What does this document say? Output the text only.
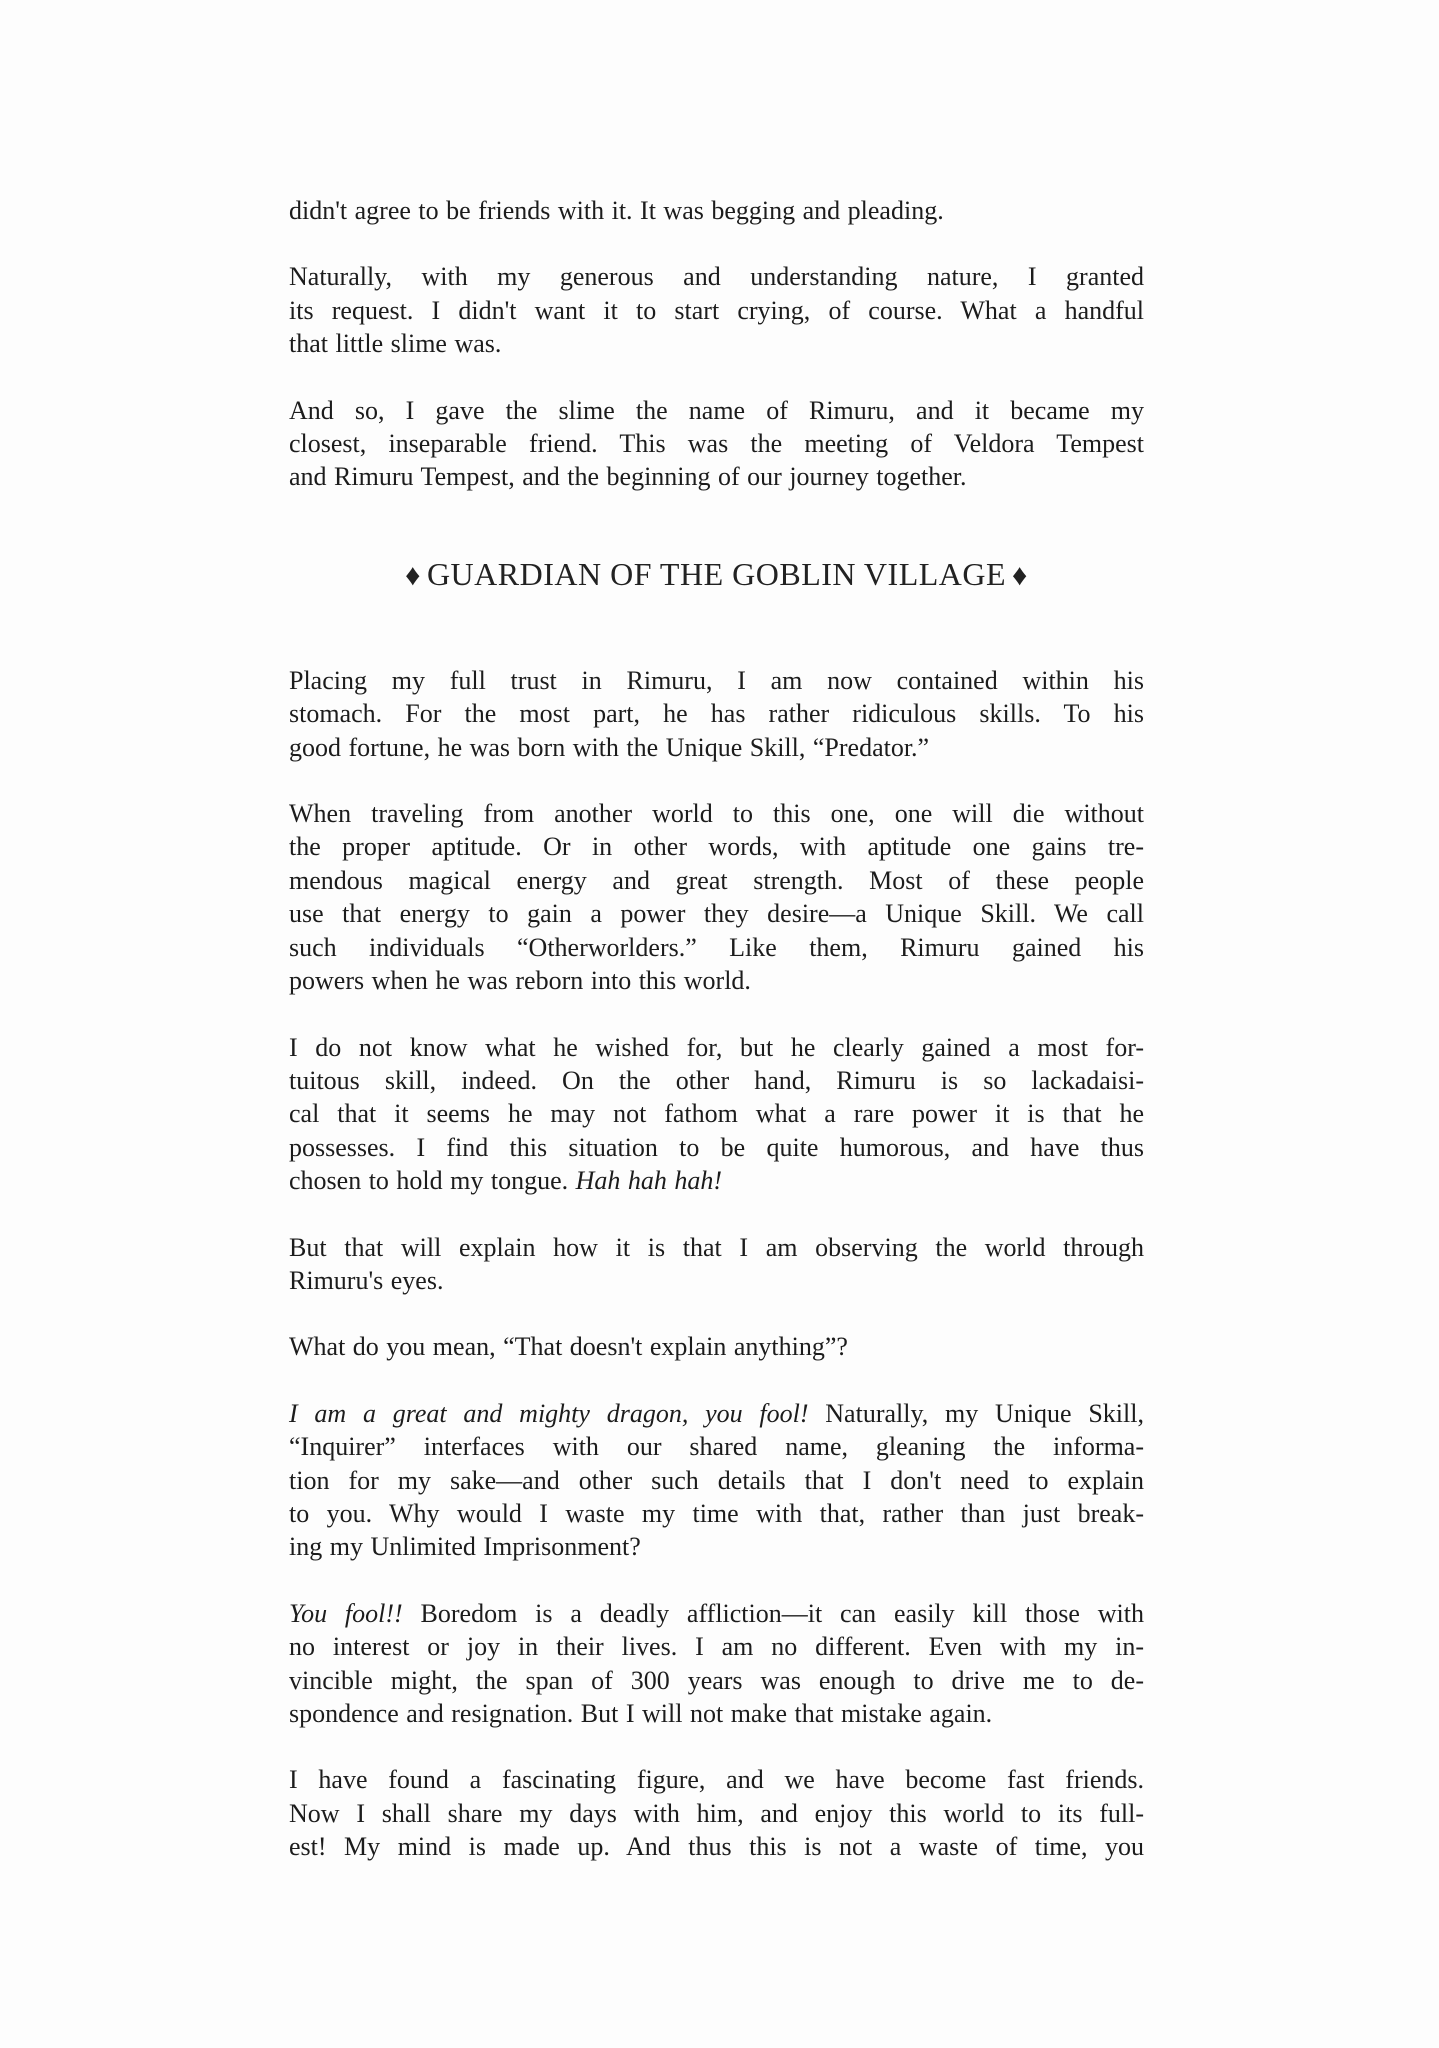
didn't agree to be friends with it. It was begging and pleading.
Naturally, with my generous and understanding nature, I granted
its request. I didn't want it to start crying, of course. What a handful
that little slime was.
And so, I gave the slime the name of Rimuru, and it became my
closest, inseparable friend. This was the meeting of Veldora Tempest
and Rimuru Tempest, and the beginning of our journey together.
♦ GUARDIAN OF THE GOBLIN VILLAGE ♦
Placing my full trust in Rimuru, I am now contained within his
stomach. For the most part, he has rather ridiculous skills. To his
good fortune, he was born with the Unique Skill, “Predator.”
When traveling from another world to this one, one will die without
the proper aptitude. Or in other words, with aptitude one gains tre-
mendous magical energy and great strength. Most of these people
use that energy to gain a power they desire—a Unique Skill. We call
such individuals “Otherworlders.” Like them, Rimuru gained his
powers when he was reborn into this world.
I do not know what he wished for, but he clearly gained a most for-
tuitous skill, indeed. On the other hand, Rimuru is so lackadaisi-
cal that it seems he may not fathom what a rare power it is that he
possesses. I find this situation to be quite humorous, and have thus
chosen to hold my tongue. Hah hah hah!
But that will explain how it is that I am observing the world through
Rimuru's eyes.
What do you mean, “That doesn't explain anything”?
I am a great and mighty dragon, you fool! Naturally, my Unique Skill,
“Inquirer” interfaces with our shared name, gleaning the informa-
tion for my sake—and other such details that I don't need to explain
to you. Why would I waste my time with that, rather than just break-
ing my Unlimited Imprisonment?
You fool!! Boredom is a deadly affliction—it can easily kill those with
no interest or joy in their lives. I am no different. Even with my in-
vincible might, the span of 300 years was enough to drive me to de-
spondence and resignation. But I will not make that mistake again.
I have found a fascinating figure, and we have become fast friends.
Now I shall share my days with him, and enjoy this world to its full-
est! My mind is made up. And thus this is not a waste of time, you
